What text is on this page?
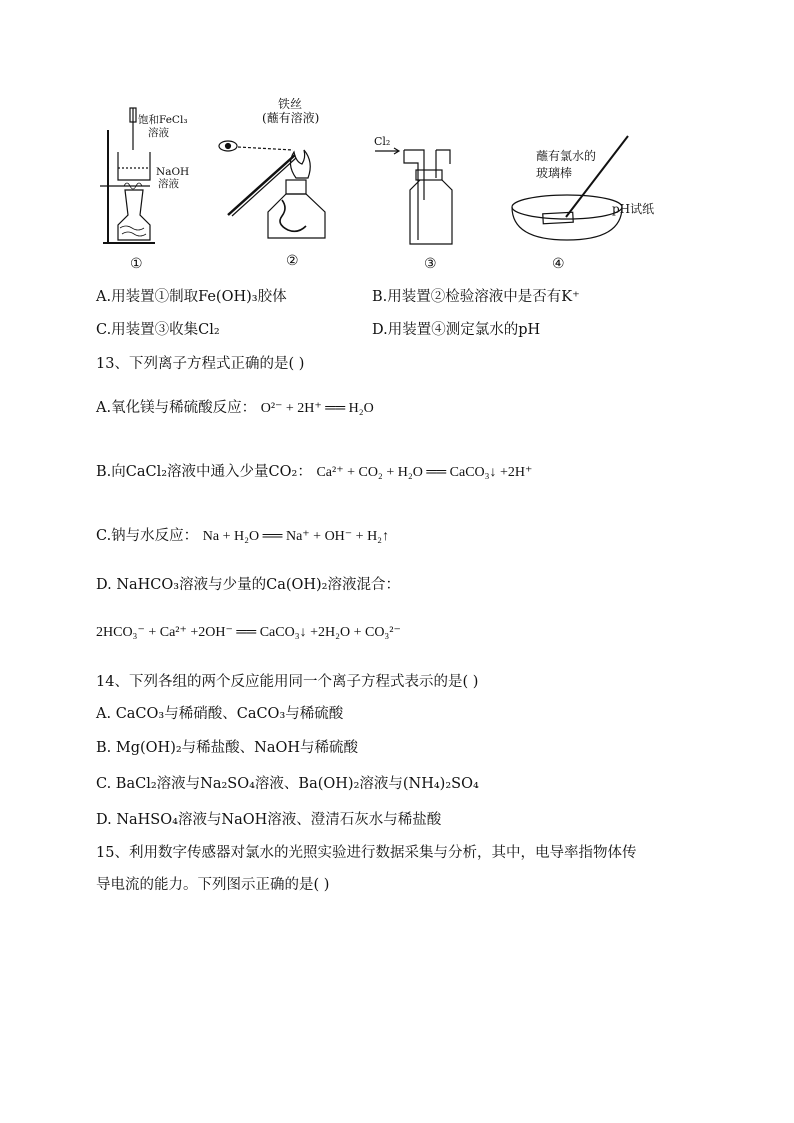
饱和FeCl₃
溶液
NaOH
溶液
①
铁丝
(蘸有溶液)
②
Cl₂
③
蘸有氯水的
玻璃棒
pH试纸
④
A.用装置①制取Fe(OH)₃胶体	B.用装置②检验溶液中是否有K⁺
C.用装置③收集Cl₂	D.用装置④测定氯水的pH
13、下列离子方程式正确的是( )
A.氧化镁与稀硫酸反应： O²⁻ + 2H⁺ ══ H₂O
B.向CaCl₂溶液中通入少量CO₂： Ca²⁺ + CO₂ + H₂O ══ CaCO₃↓ +2H⁺
C.钠与水反应： Na + H₂O ══ Na⁺ + OH⁻ + H₂↑
D. NaHCO₃溶液与少量的Ca(OH)₂溶液混合：
2HCO₃⁻ + Ca²⁺ +2OH⁻ ══ CaCO₃↓ +2H₂O + CO₃²⁻
14、下列各组的两个反应能用同一个离子方程式表示的是( )
A. CaCO₃与稀硝酸、CaCO₃与稀硫酸
B. Mg(OH)₂与稀盐酸、NaOH与稀硫酸
C. BaCl₂溶液与Na₂SO₄溶液、Ba(OH)₂溶液与(NH₄)₂SO₄
D. NaHSO₄溶液与NaOH溶液、澄清石灰水与稀盐酸
15、利用数字传感器对氯水的光照实验进行数据采集与分析，其中，电导率指物体传
导电流的能力。下列图示正确的是( )
